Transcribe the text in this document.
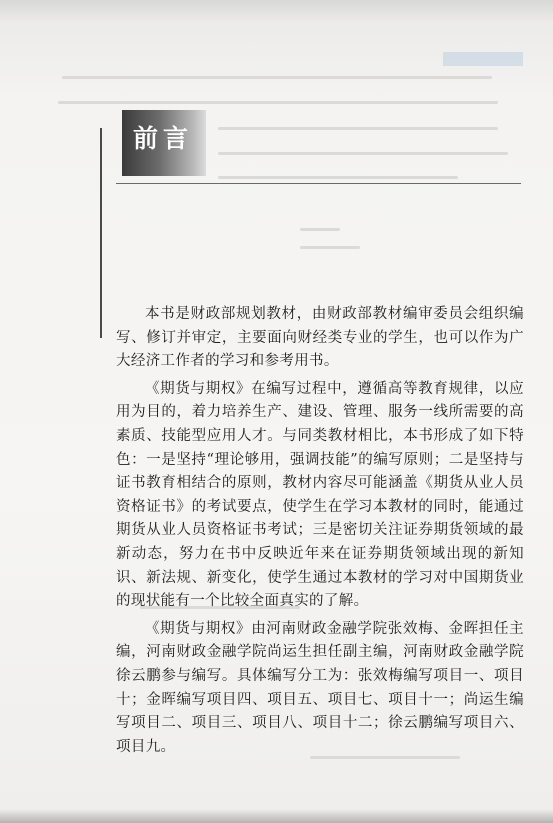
前言

本书是财政部规划教材，由财政部教材编审委员会组织编写、修订并审定，主要面向财经类专业的学生，也可以作为广大经济工作者的学习和参考用书。

《期货与期权》在编写过程中，遵循高等教育规律，以应用为目的，着力培养生产、建设、管理、服务一线所需要的高素质、技能型应用人才。与同类教材相比，本书形成了如下特色：一是坚持“理论够用，强调技能”的编写原则；二是坚持与证书教育相结合的原则，教材内容尽可能涵盖《期货从业人员资格证书》的考试要点，使学生在学习本教材的同时，能通过期货从业人员资格证书考试；三是密切关注证券期货领域的最新动态，努力在书中反映近年来在证券期货领域出现的新知识、新法规、新变化，使学生通过本教材的学习对中国期货业的现状能有一个比较全面真实的了解。

《期货与期权》由河南财政金融学院张效梅、金晖担任主编，河南财政金融学院尚运生担任副主编，河南财政金融学院徐云鹏参与编写。具体编写分工为：张效梅编写项目一、项目十；金晖编写项目四、项目五、项目七、项目十一；尚运生编写项目二、项目三、项目八、项目十二；徐云鹏编写项目六、项目九。
